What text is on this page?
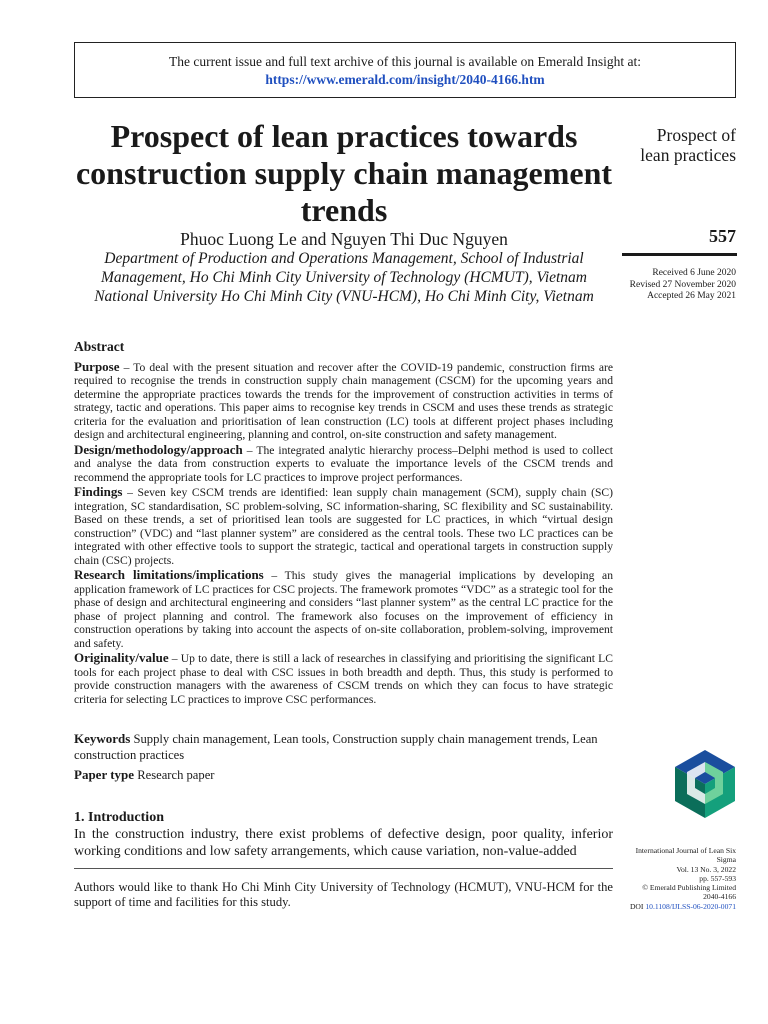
The current issue and full text archive of this journal is available on Emerald Insight at:
https://www.emerald.com/insight/2040-4166.htm
Prospect of lean practices towards construction supply chain management trends
Phuoc Luong Le and Nguyen Thi Duc Nguyen
Department of Production and Operations Management, School of Industrial
Management, Ho Chi Minh City University of Technology (HCMUT), Vietnam
National University Ho Chi Minh City (VNU-HCM), Ho Chi Minh City, Vietnam
Prospect of
lean practices
557
Received 6 June 2020
Revised 27 November 2020
Accepted 26 May 2021
Abstract

Purpose – To deal with the present situation and recover after the COVID-19 pandemic, construction firms are required to recognise the trends in construction supply chain management (CSCM) for the upcoming years and determine the appropriate practices towards the trends for the improvement of construction activities in terms of strategy, tactic and operations. This paper aims to recognise key trends in CSCM and uses these trends as strategic criteria for the evaluation and prioritisation of lean construction (LC) tools at different project phases including design and architectural engineering, planning and control, on-site construction and safety management.

Design/methodology/approach – The integrated analytic hierarchy process–Delphi method is used to collect and analyse the data from construction experts to evaluate the importance levels of the CSCM trends and recommend the appropriate tools for LC practices to improve project performances.

Findings – Seven key CSCM trends are identified: lean supply chain management (SCM), supply chain (SC) integration, SC standardisation, SC problem-solving, SC information-sharing, SC flexibility and SC sustainability. Based on these trends, a set of prioritised lean tools are suggested for LC practices, in which “virtual design construction” (VDC) and “last planner system” are considered as the central tools. These two LC practices can be integrated with other effective tools to support the strategic, tactical and operational targets in construction supply chain (CSC) projects.

Research limitations/implications – This study gives the managerial implications by developing an application framework of LC practices for CSC projects. The framework promotes “VDC” as a strategic tool for the phase of design and architectural engineering and considers “last planner system” as the central LC practice for the phase of project planning and control. The framework also focuses on the improvement of efficiency in construction operations by taking into account the aspects of on-site collaboration, problem-solving, improvement and safety.

Originality/value – Up to date, there is still a lack of researches in classifying and prioritising the significant LC tools for each project phase to deal with CSC issues in both breadth and depth. Thus, this study is performed to provide construction managers with the awareness of CSCM trends on which they can focus to have strategic criteria for selecting LC practices to improve CSC performances.

Keywords Supply chain management, Lean tools, Construction supply chain management trends, Lean construction practices
Paper type Research paper
1. Introduction
In the construction industry, there exist problems of defective design, poor quality, inferior working conditions and low safety arrangements, which cause variation, non-value-added
Authors would like to thank Ho Chi Minh City University of Technology (HCMUT), VNU-HCM for the support of time and facilities for this study.
International Journal of Lean Six Sigma
Vol. 13 No. 3, 2022
pp. 557-593
© Emerald Publishing Limited
2040-4166
DOI 10.1108/IJLSS-06-2020-0071
